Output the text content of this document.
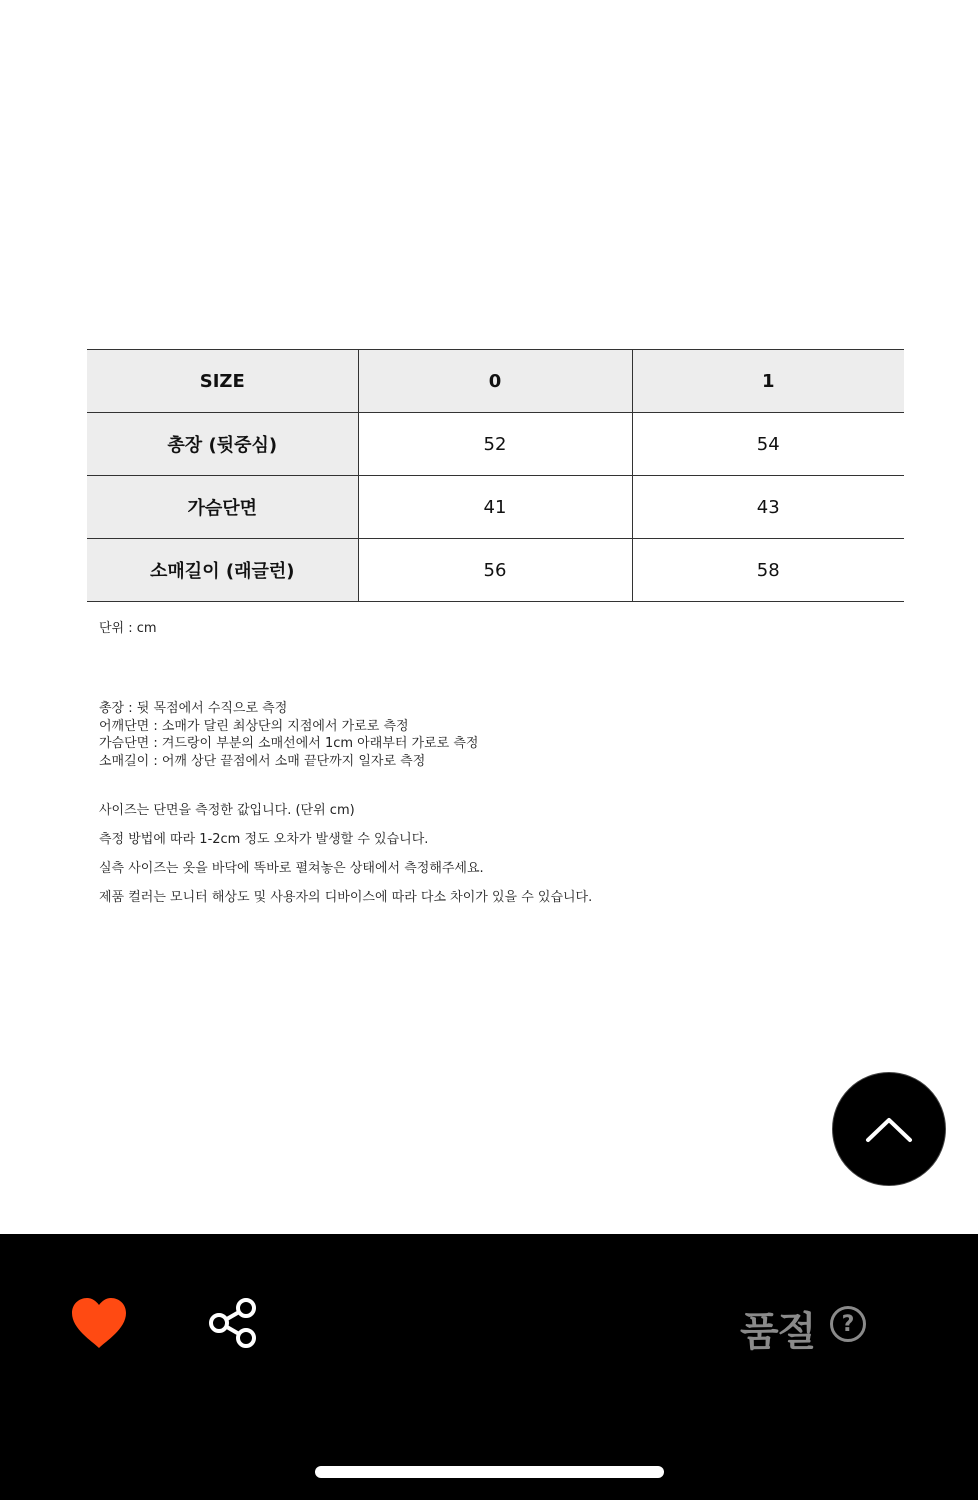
SIZE	0	1
총장 (뒷중심)	52	54
가슴단면	41	43
소매길이 (래글런)	56	58
단위 : cm
총장 : 뒷 목점에서 수직으로 측정
어깨단면 : 소매가 달린 최상단의 지점에서 가로로 측정
가슴단면 : 겨드랑이 부분의 소매선에서 1cm 아래부터 가로로 측정
소매길이 : 어깨 상단 끝점에서 소매 끝단까지 일자로 측정
사이즈는 단면을 측정한 값입니다. (단위 cm)
측정 방법에 따라 1-2cm 정도 오차가 발생할 수 있습니다.
실측 사이즈는 옷을 바닥에 똑바로 펼쳐놓은 상태에서 측정해주세요.
제품 컬러는 모니터 해상도 및 사용자의 디바이스에 따라 다소 차이가 있을 수 있습니다.
품절	?
